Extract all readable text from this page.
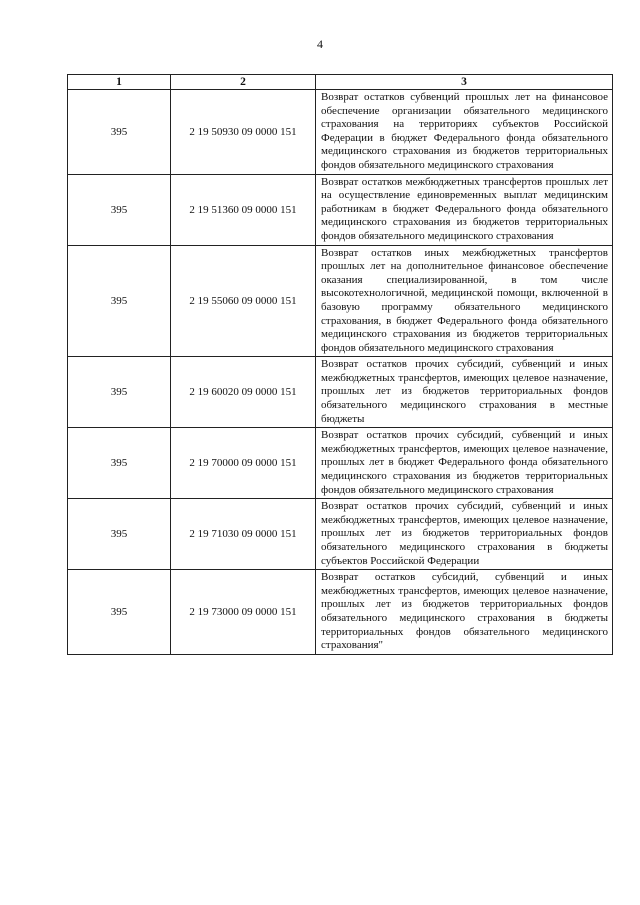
4
1	2	3
395	2 19 50930 09 0000 151	Возврат остатков субвенций прошлых лет на финансовое обеспечение организации обязательного медицинского страхования на территориях субъектов Российской Федерации в бюджет Федерального фонда обязательного медицинского страхования из бюджетов территориальных фондов обязательного медицинского страхования
395	2 19 51360 09 0000 151	Возврат остатков межбюджетных трансфертов прошлых лет на осуществление единовременных выплат медицинским работникам в бюджет Федерального фонда обязательного медицинского страхования из бюджетов территориальных фондов обязательного медицинского страхования
395	2 19 55060 09 0000 151	Возврат остатков иных межбюджетных трансфертов прошлых лет на дополнительное финансовое обеспечение оказания специализированной, в том числе высокотехнологичной, медицинской помощи, включенной в базовую программу обязательного медицинского страхования, в бюджет Федерального фонда обязательного медицинского страхования из бюджетов территориальных фондов обязательного медицинского страхования
395	2 19 60020 09 0000 151	Возврат остатков прочих субсидий, субвенций и иных межбюджетных трансфертов, имеющих целевое назначение, прошлых лет из бюджетов территориальных фондов обязательного медицинского страхования в местные бюджеты
395	2 19 70000 09 0000 151	Возврат остатков прочих субсидий, субвенций и иных межбюджетных трансфертов, имеющих целевое назначение, прошлых лет в бюджет Федерального фонда обязательного медицинского страхования из бюджетов территориальных фондов обязательного медицинского страхования
395	2 19 71030 09 0000 151	Возврат остатков прочих субсидий, субвенций и иных межбюджетных трансфертов, имеющих целевое назначение, прошлых лет из бюджетов территориальных фондов обязательного медицинского страхования в бюджеты субъектов Российской Федерации
395	2 19 73000 09 0000 151	Возврат остатков субсидий, субвенций и иных межбюджетных трансфертов, имеющих целевое назначение, прошлых лет из бюджетов территориальных фондов обязательного медицинского страхования в бюджеты территориальных фондов обязательного медицинского страхования"
